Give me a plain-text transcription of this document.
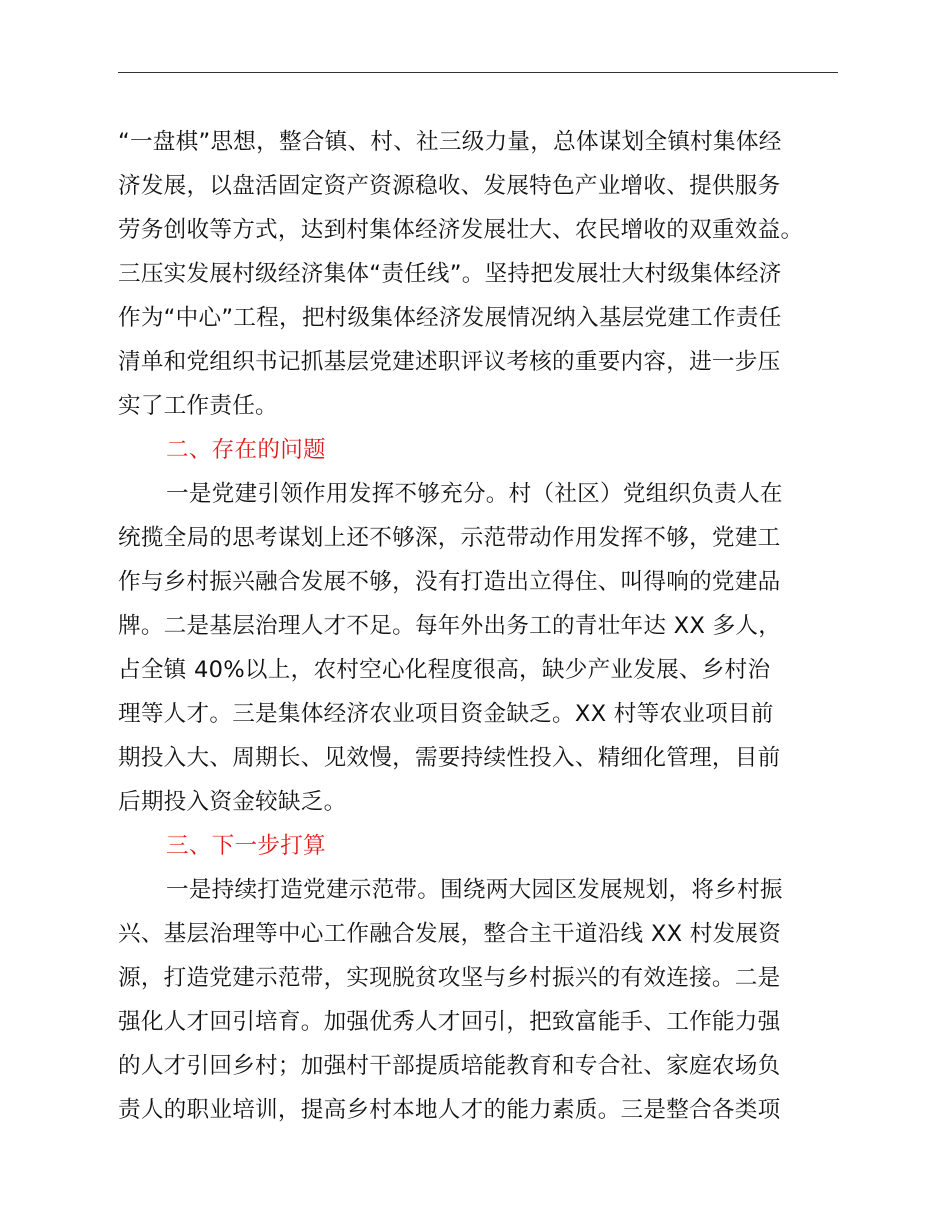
“一盘棋”思想，整合镇、村、社三级力量，总体谋划全镇村集体经
济发展，以盘活固定资产资源稳收、发展特色产业增收、提供服务
劳务创收等方式，达到村集体经济发展壮大、农民增收的双重效益。
三压实发展村级经济集体“责任线”。坚持把发展壮大村级集体经济
作为“中心”工程，把村级集体经济发展情况纳入基层党建工作责任
清单和党组织书记抓基层党建述职评议考核的重要内容，进一步压
实了工作责任。
二、存在的问题
一是党建引领作用发挥不够充分。村（社区）党组织负责人在
统揽全局的思考谋划上还不够深，示范带动作用发挥不够，党建工
作与乡村振兴融合发展不够，没有打造出立得住、叫得响的党建品
牌。二是基层治理人才不足。每年外出务工的青壮年达 XX 多人，
占全镇 40%以上，农村空心化程度很高，缺少产业发展、乡村治
理等人才。三是集体经济农业项目资金缺乏。XX 村等农业项目前
期投入大、周期长、见效慢，需要持续性投入、精细化管理，目前
后期投入资金较缺乏。
三、下一步打算
一是持续打造党建示范带。围绕两大园区发展规划，将乡村振
兴、基层治理等中心工作融合发展，整合主干道沿线 XX 村发展资
源，打造党建示范带，实现脱贫攻坚与乡村振兴的有效连接。二是
强化人才回引培育。加强优秀人才回引，把致富能手、工作能力强
的人才引回乡村；加强村干部提质培能教育和专合社、家庭农场负
责人的职业培训，提高乡村本地人才的能力素质。三是整合各类项
